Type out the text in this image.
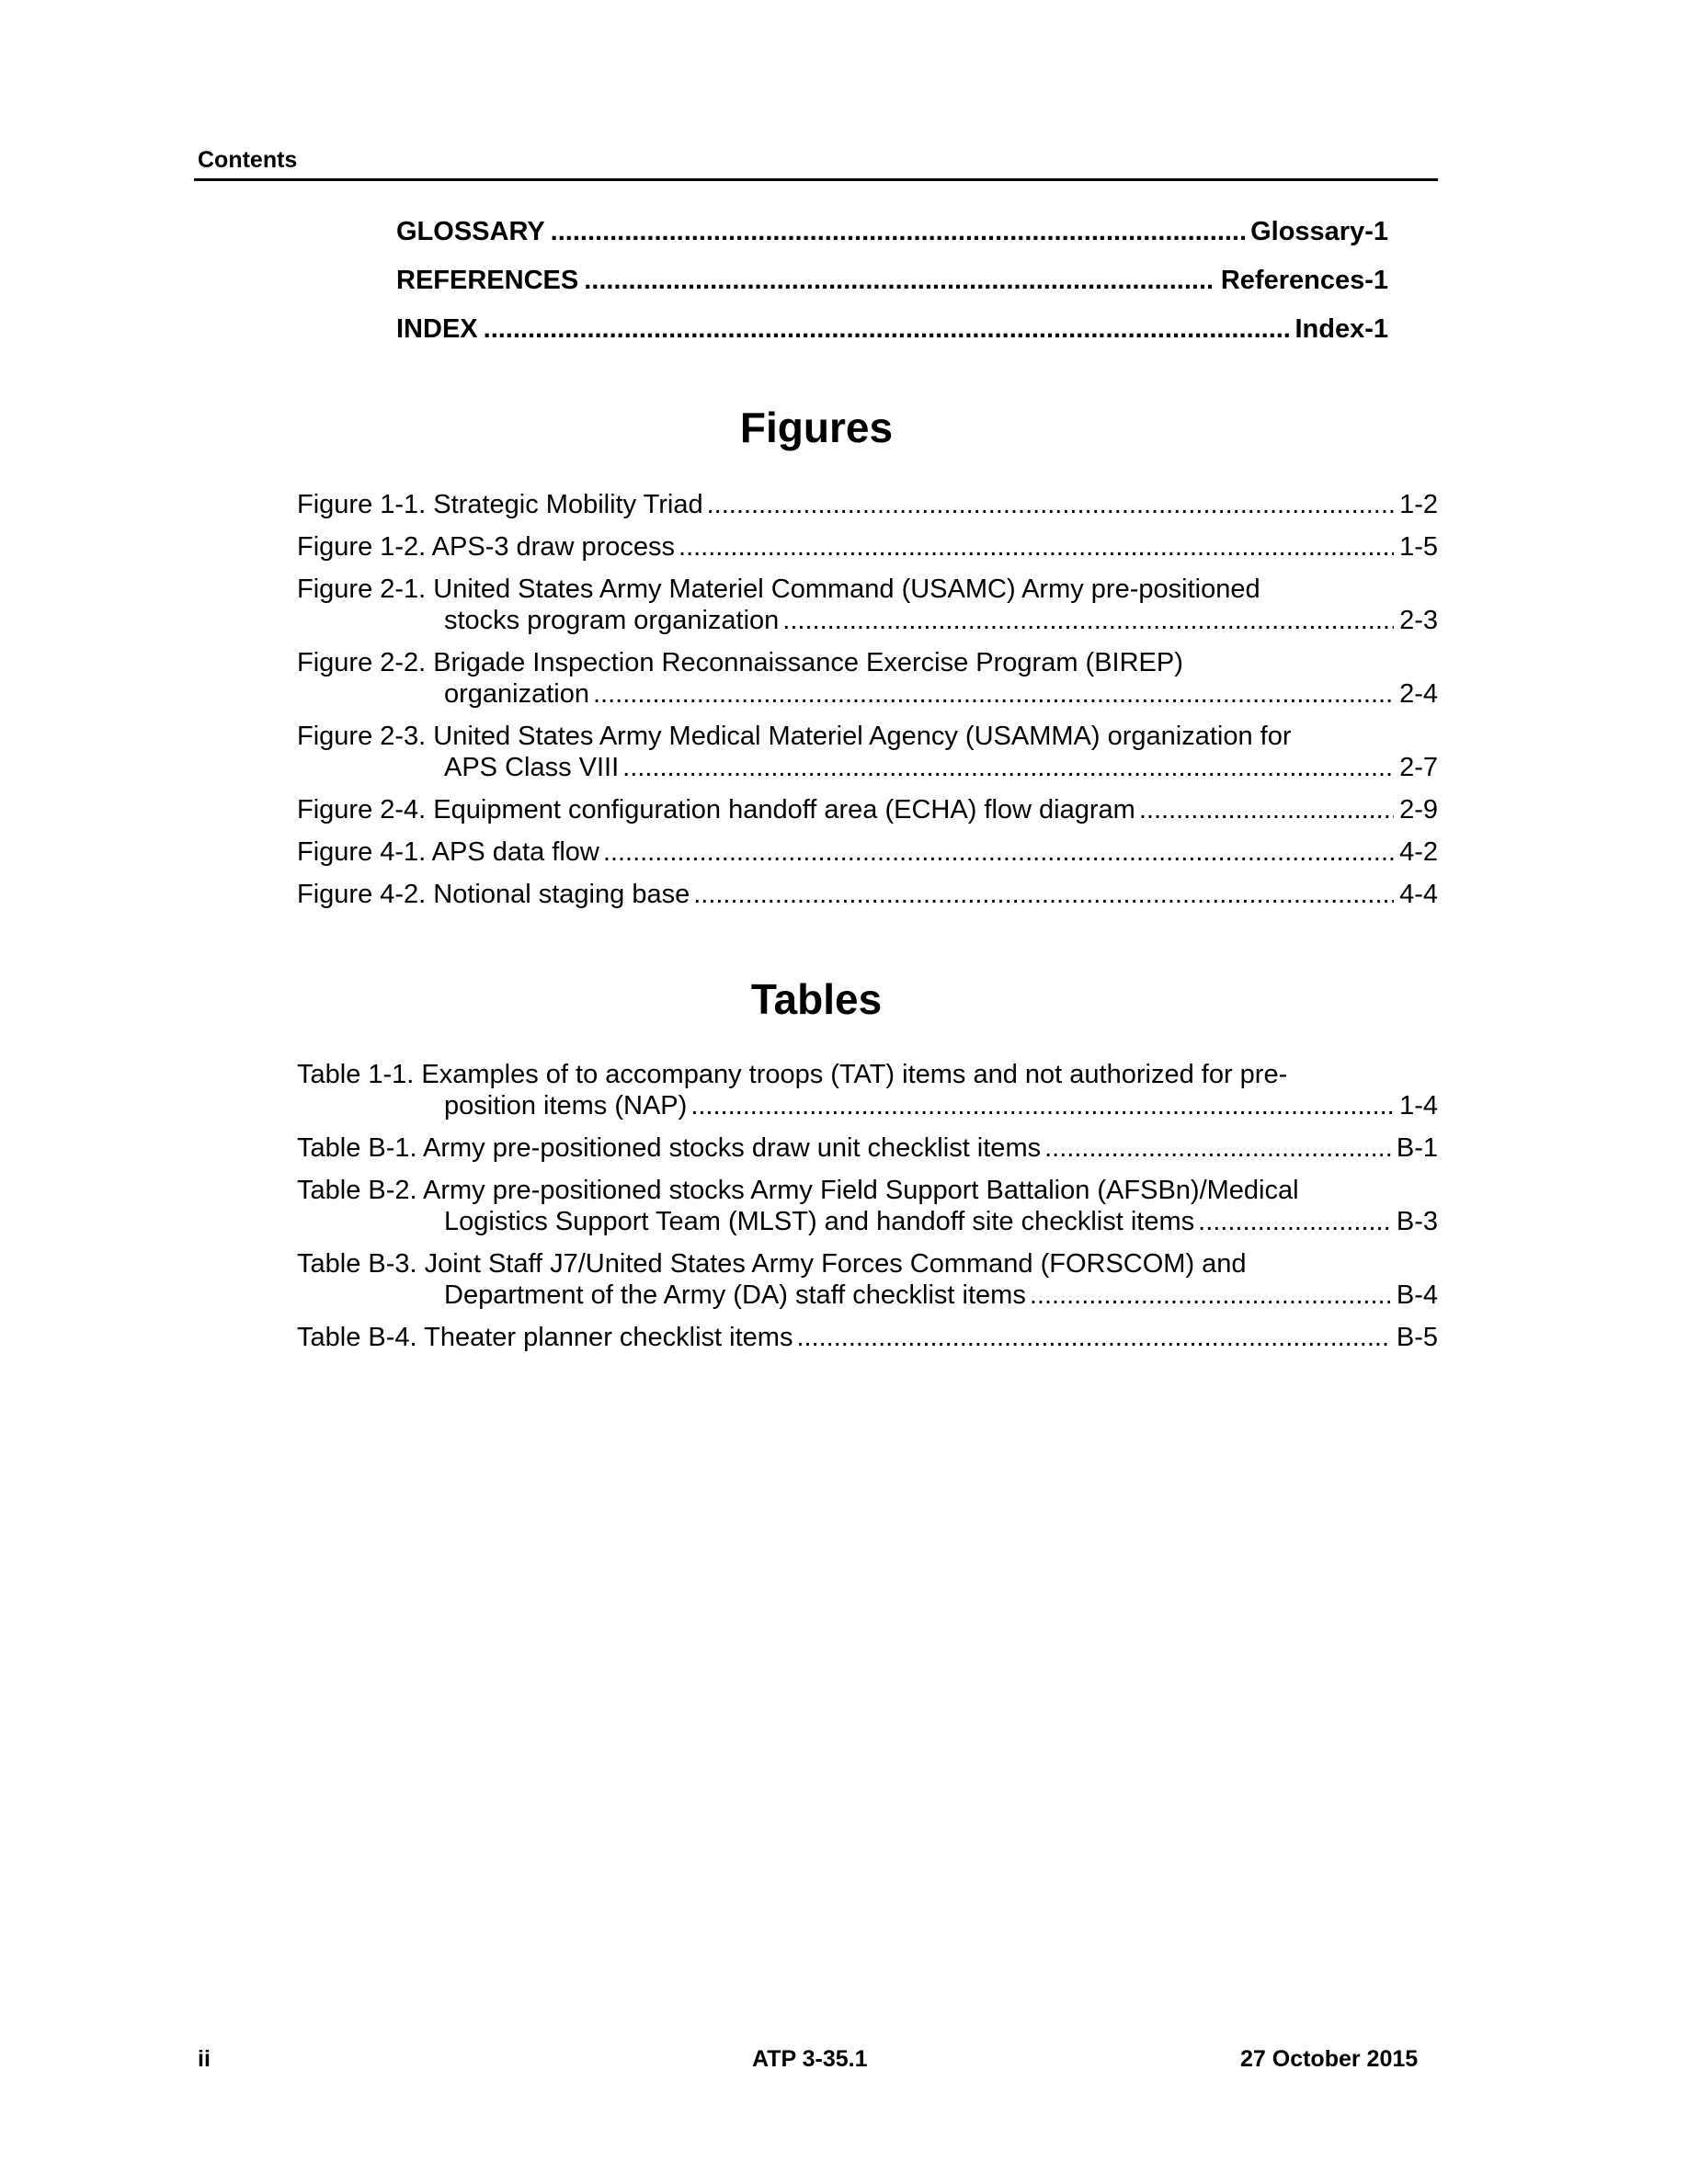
Contents
GLOSSARY .....	Glossary-1
REFERENCES .....	References-1
INDEX .....	Index-1
Figures
Figure 1-1. Strategic Mobility Triad .....	1-2
Figure 1-2. APS-3 draw process .....	1-5
Figure 2-1. United States Army Materiel Command (USAMC) Army pre-positioned
stocks program organization .....	2-3
Figure 2-2. Brigade Inspection Reconnaissance Exercise Program (BIREP)
organization .....	2-4
Figure 2-3. United States Army Medical Materiel Agency (USAMMA) organization for
APS Class VIII .....	2-7
Figure 2-4. Equipment configuration handoff area (ECHA) flow diagram .....	2-9
Figure 4-1. APS data flow .....	4-2
Figure 4-2. Notional staging base .....	4-4
Tables
Table 1-1. Examples of to accompany troops (TAT) items and not authorized for pre-
position items (NAP) .....	1-4
Table B-1. Army pre-positioned stocks draw unit checklist items .....	B-1
Table B-2. Army pre-positioned stocks Army Field Support Battalion (AFSBn)/Medical
Logistics Support Team (MLST) and handoff site checklist items .....	B-3
Table B-3. Joint Staff J7/United States Army Forces Command (FORSCOM) and
Department of the Army (DA) staff checklist items .....	B-4
Table B-4. Theater planner checklist items .....	B-5
ii	ATP 3-35.1	27 October 2015
